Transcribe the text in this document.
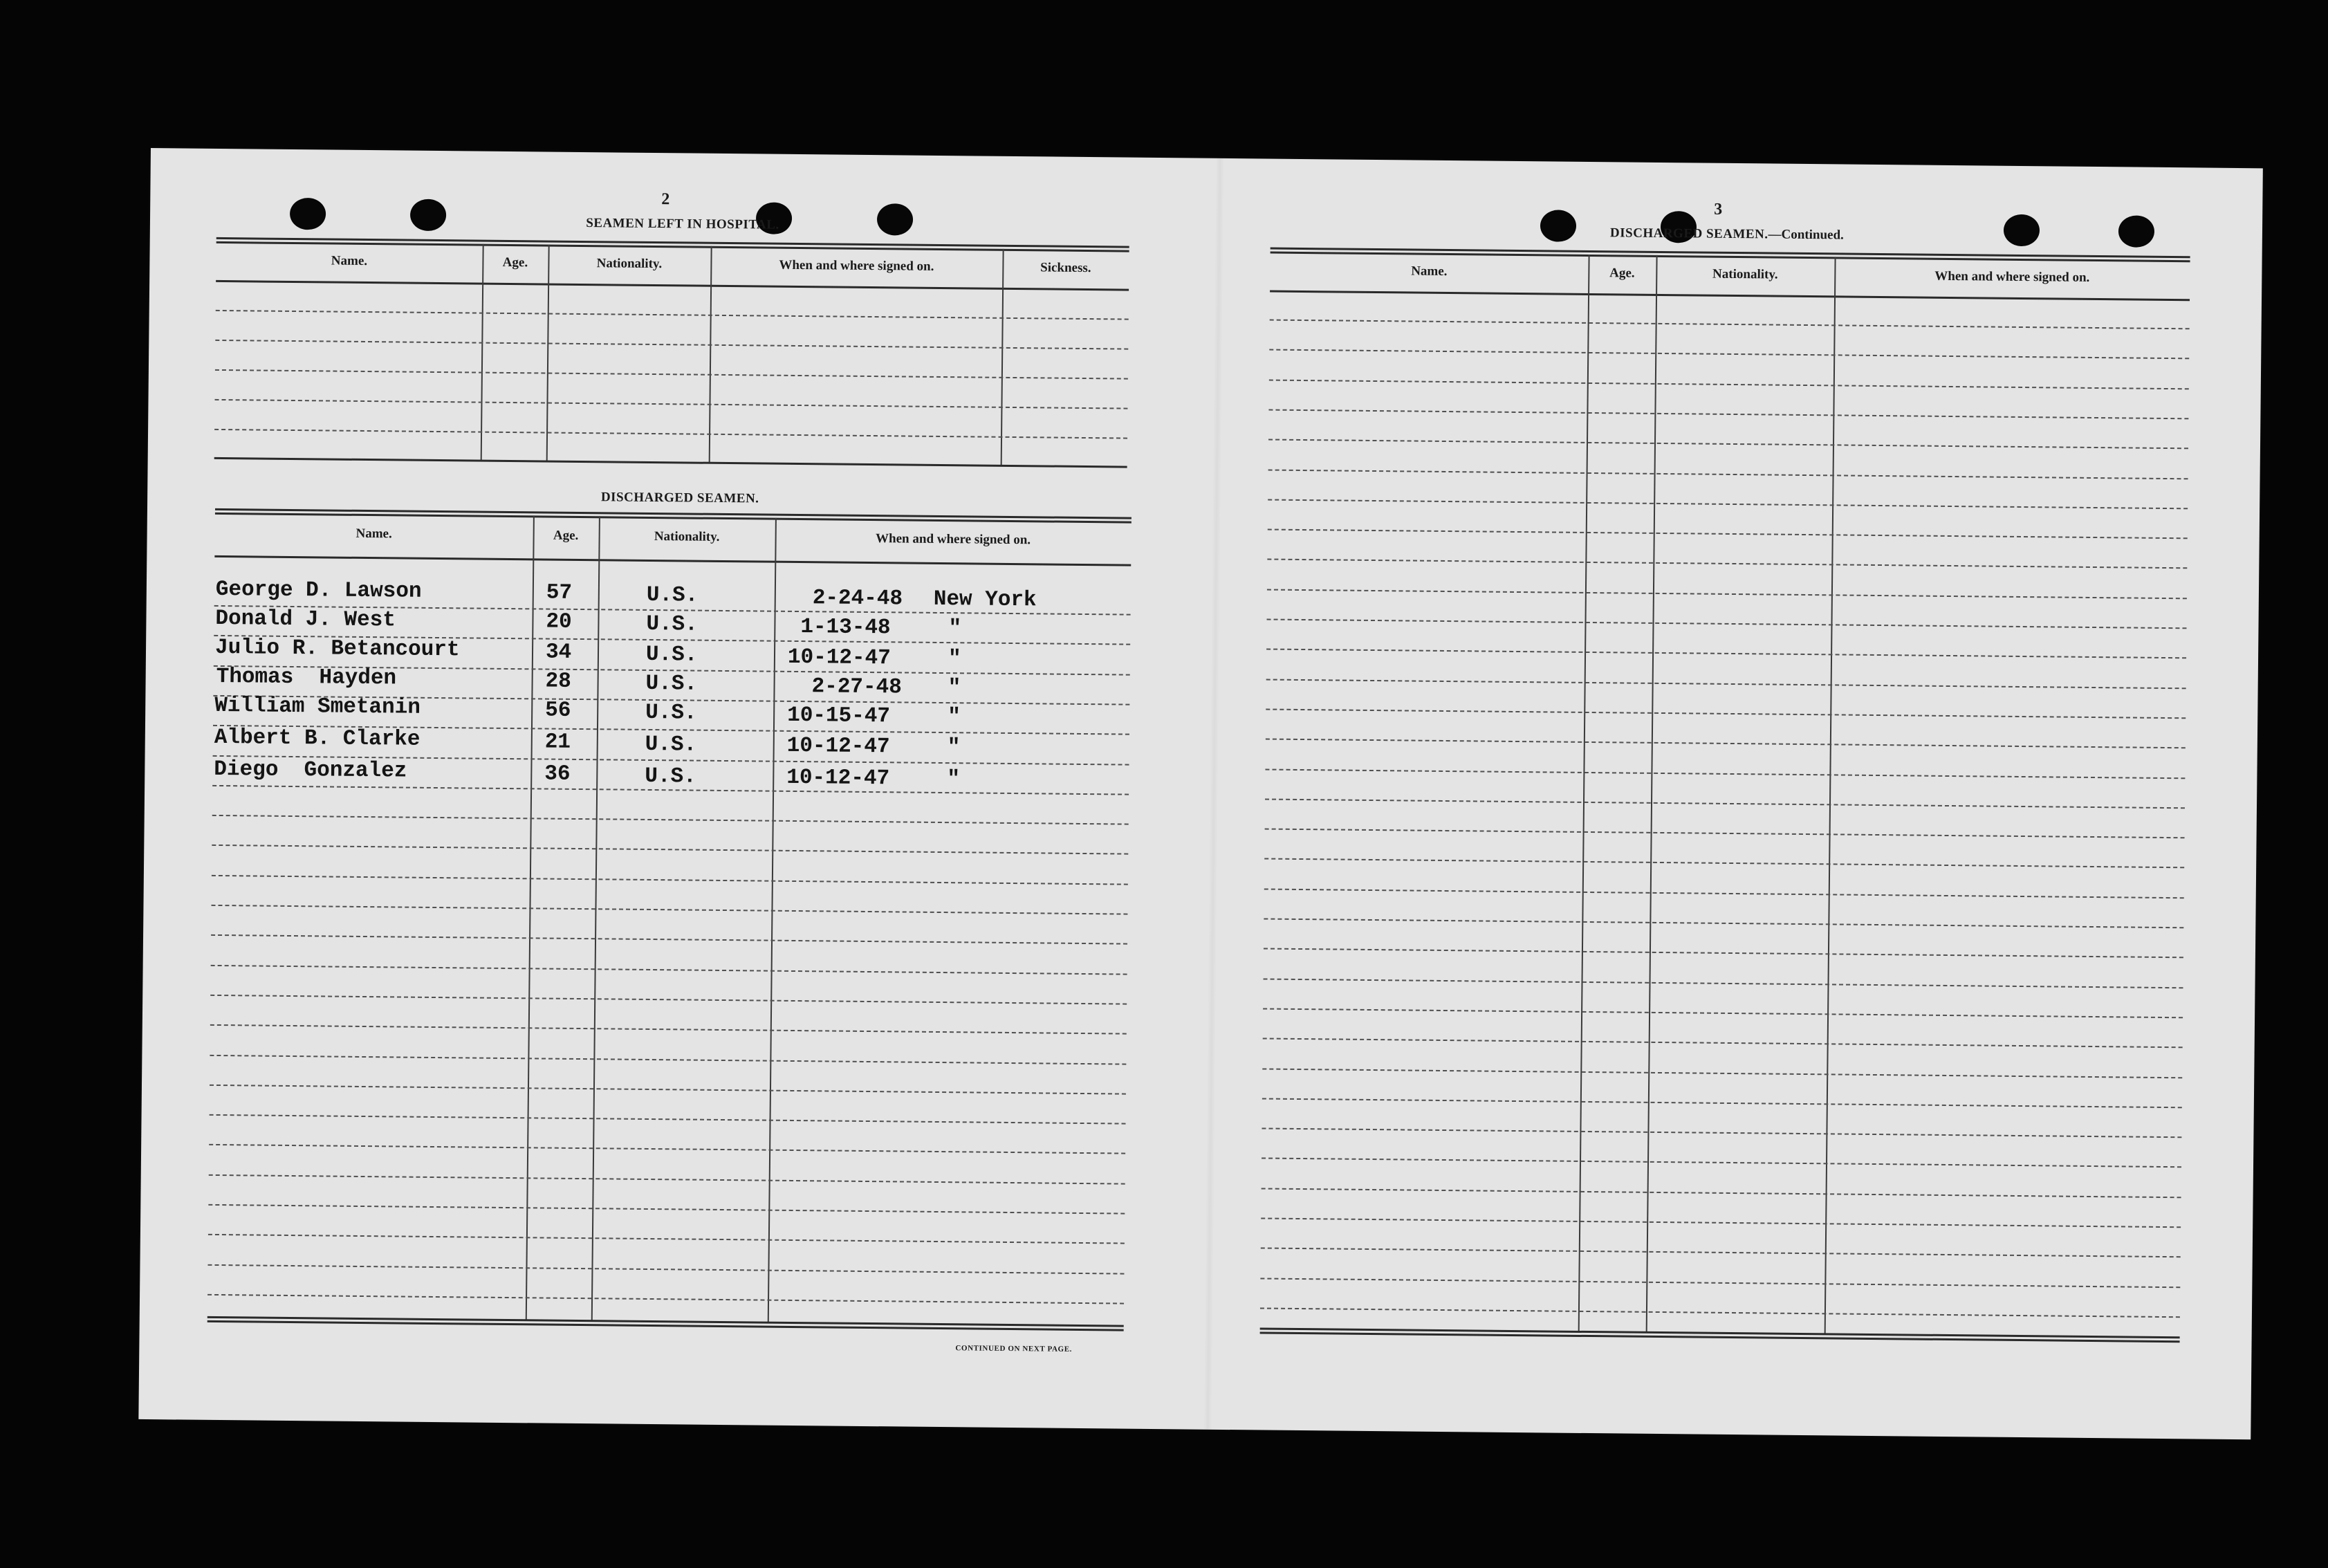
2
SEAMEN LEFT IN HOSPITAL.
Name.	Age.	Nationality.	When and where signed on.	Sickness.
DISCHARGED SEAMEN.
Name.	Age.	Nationality.	When and where signed on.
George D. Lawson	57	U.S.	2-24-48 New York
Donald J. West	20	U.S.	1-13-48	"
Julio R. Betancourt	34	U.S.	10-12-47	"
Thomas  Hayden	28	U.S.	2-27-48 "
William Smetanin	56	U.S.	10-15-47	"
Albert B. Clarke	21	U.S.	10-12-47	"
Diego  Gonzalez	36	U.S.	10-12-47	"
CONTINUED ON NEXT PAGE.
3
DISCHARGED SEAMEN.—Continued.
Name.	Age.	Nationality.	When and where signed on.
